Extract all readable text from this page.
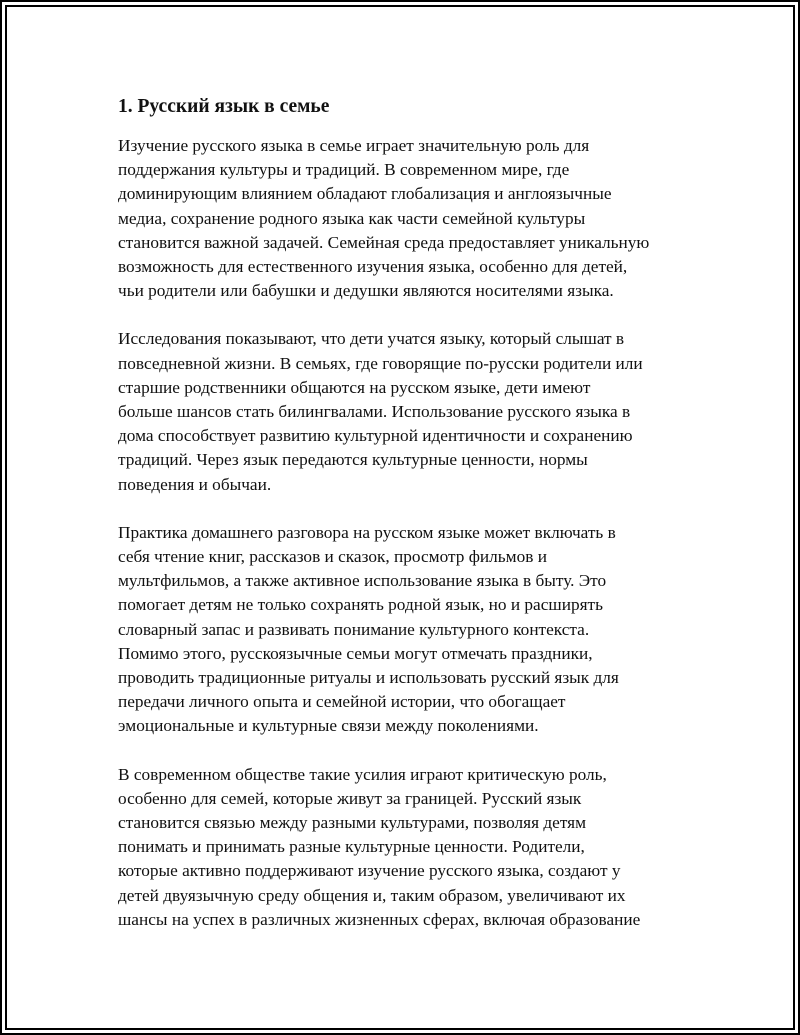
1. Русский язык в семье

Изучение русского языка в семье играет значительную роль для
поддержания культуры и традиций. В современном мире, где
доминирующим влиянием обладают глобализация и англоязычные
медиа, сохранение родного языка как части семейной культуры
становится важной задачей. Семейная среда предоставляет уникальную
возможность для естественного изучения языка, особенно для детей,
чьи родители или бабушки и дедушки являются носителями языка.

Исследования показывают, что дети учатся языку, который слышат в
повседневной жизни. В семьях, где говорящие по-русски родители или
старшие родственники общаются на русском языке, дети имеют
больше шансов стать билингвалами. Использование русского языка в
дома способствует развитию культурной идентичности и сохранению
традиций. Через язык передаются культурные ценности, нормы
поведения и обычаи.

Практика домашнего разговора на русском языке может включать в
себя чтение книг, рассказов и сказок, просмотр фильмов и
мультфильмов, а также активное использование языка в быту. Это
помогает детям не только сохранять родной язык, но и расширять
словарный запас и развивать понимание культурного контекста.
Помимо этого, русскоязычные семьи могут отмечать праздники,
проводить традиционные ритуалы и использовать русский язык для
передачи личного опыта и семейной истории, что обогащает
эмоциональные и культурные связи между поколениями.

В современном обществе такие усилия играют критическую роль,
особенно для семей, которые живут за границей. Русский язык
становится связью между разными культурами, позволяя детям
понимать и принимать разные культурные ценности. Родители,
которые активно поддерживают изучение русского языка, создают у
детей двуязычную среду общения и, таким образом, увеличивают их
шансы на успех в различных жизненных сферах, включая образование
